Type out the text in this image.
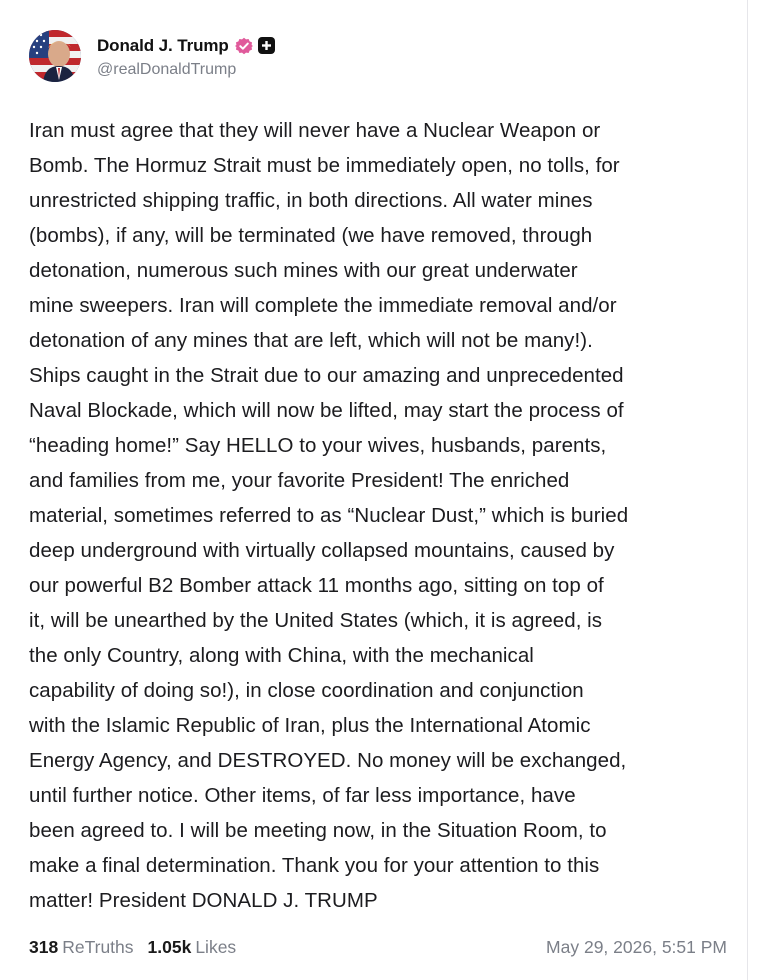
Donald J. Trump
@realDonaldTrump
Iran must agree that they will never have a Nuclear Weapon or
Bomb. The Hormuz Strait must be immediately open, no tolls, for
unrestricted shipping traffic, in both directions. All water mines
(bombs), if any, will be terminated (we have removed, through
detonation, numerous such mines with our great underwater
mine sweepers. Iran will complete the immediate removal and/or
detonation of any mines that are left, which will not be many!).
Ships caught in the Strait due to our amazing and unprecedented
Naval Blockade, which will now be lifted, may start the process of
“heading home!” Say HELLO to your wives, husbands, parents,
and families from me, your favorite President! The enriched
material, sometimes referred to as “Nuclear Dust,” which is buried
deep underground with virtually collapsed mountains, caused by
our powerful B2 Bomber attack 11 months ago, sitting on top of
it, will be unearthed by the United States (which, it is agreed, is
the only Country, along with China, with the mechanical
capability of doing so!), in close coordination and conjunction
with the Islamic Republic of Iran, plus the International Atomic
Energy Agency, and DESTROYED. No money will be exchanged,
until further notice. Other items, of far less importance, have
been agreed to. I will be meeting now, in the Situation Room, to
make a final determination. Thank you for your attention to this
matter! President DONALD J. TRUMP
318 ReTruths 1.05k Likes	May 29, 2026, 5:51 PM
